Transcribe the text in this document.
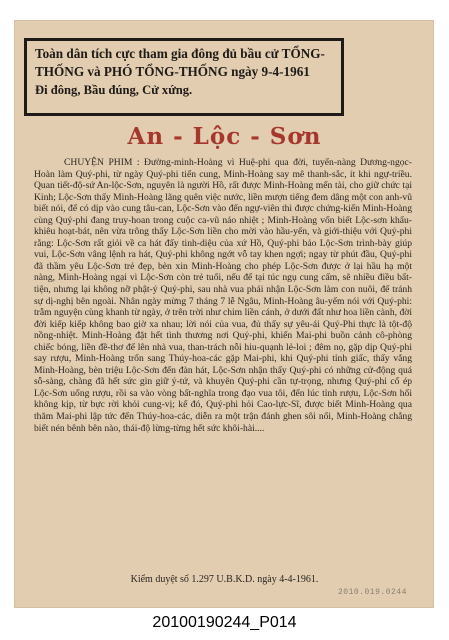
Toàn dân tích cực tham gia đông đủ bầu cử TỔNG-
THỐNG và PHÓ TỔNG-THỐNG ngày 9-4-1961
Đi đông, Bầu đúng, Cử xứng.
An - Lộc - Sơn
CHUYỆN PHIM : Đường-minh-Hoàng vì Huệ-phi qua đời, tuyển-nàng Dương-ngọc-Hoàn làm Quý-phi, từ ngày Quý-phi tiến cung, Minh-Hoàng say mê thanh-sắc, ít khi ngự-triều. Quan tiết-độ-sứ An-lộc-Sơn, nguyên là người Hồ, rất được Minh-Hoàng mến tài, cho giữ chức tại Kinh; Lộc-Sơn thấy Minh-Hoàng lãng quên việc nước, liền mượn tiếng đem dâng một con anh-vũ biết nói, để có dịp vào cung tâu-can, Lộc-Sơn vào đến ngự-viên thì được chứng-kiến Minh-Hoàng cùng Quý-phi đang truy-hoan trong cuộc ca-vũ náo nhiệt ; Minh-Hoàng vốn biết Lộc-sơn khẩu-khiêu hoạt-bát, nên vừa trông thấy Lộc-Sơn liền cho mời vào hầu-yến, và giới-thiệu với Quý-phi rằng: Lộc-Sơn rất giỏi về ca hát đấy tinh-diệu của xứ Hồ, Quý-phi bảo Lộc-Sơn trình-bày giúp vui, Lộc-Sơn vâng lệnh ra hát, Quý-phi không ngớt vỗ tay khen ngợi; ngay từ phút đầu, Quý-phi đã thầm yêu Lộc-Sơn trẻ đẹp, bèn xin Minh-Hoàng cho phép Lộc-Sơn được ở lại hầu hạ một nàng, Minh-Hoàng ngại vì Lộc-Sơn còn trẻ tuổi, nếu để tại túc ngụ cung cấm, sẽ nhiều điều bất-tiện, nhưng lại không nỡ phật-ý Quý-phi, sau nhà vua phải nhận Lộc-Sơn làm con nuôi, để tránh sự dị-nghị bên ngoài. Nhân ngày mừng 7 tháng 7 lễ Ngâu, Minh-Hoàng âu-yếm nói với Quý-phi: trẫm nguyện cùng khanh từ ngày, ở trên trời như chim liền cánh, ở dưới đất như hoa liền cành, đời đời kiếp kiếp không bao giờ xa nhau; lời nói của vua, đủ thấy sự yêu-ái Quý-Phi thực là tột-độ nồng-nhiệt. Minh-Hoàng đặt hết tình thương nơi Quý-phi, khiến Mai-phi buồn cảnh cô-phòng chiếc bóng, liền đề-thơ để lên nhà vua, than-trách nỗi hiu-quạnh lẻ-loi ; đêm nọ, gặp dịp Quý-phi say rượu, Minh-Hoàng trốn sang Thúy-hoa-các gặp Mai-phi, khi Quý-phi tỉnh giấc, thấy vắng Minh-Hoàng, bèn triệu Lộc-Sơn đến đàn hát, Lộc-Sơn nhận thấy Quý-phi có những cử-động quá sỗ-sàng, chàng đã hết sức gìn giữ ý-tứ, và khuyên Quý-phi cần tự-trọng, nhưng Quý-phi cố ép Lộc-Sơn uống rượu, rồi sa vào vòng bất-nghĩa trong đạo vua tôi, đến lúc tỉnh rượu, Lộc-Sơn hối không kịp, từ bực rời khỏi cung-vị; kế đó, Quý-phi hỏi Cao-lực-Sĩ, được biết Minh-Hoàng qua thăm Mai-phi lập tức đến Thúy-hoa-các, diễn ra một trận đánh ghen sôi nổi, Minh-Hoàng chẳng biết nén bênh bên nào, thái-độ lừng-từng hết sức khôi-hài....
Kiểm duyệt số 1.297 U.B.K.D. ngày 4-4-1961.
2010.019.0244
20100190244_P014
